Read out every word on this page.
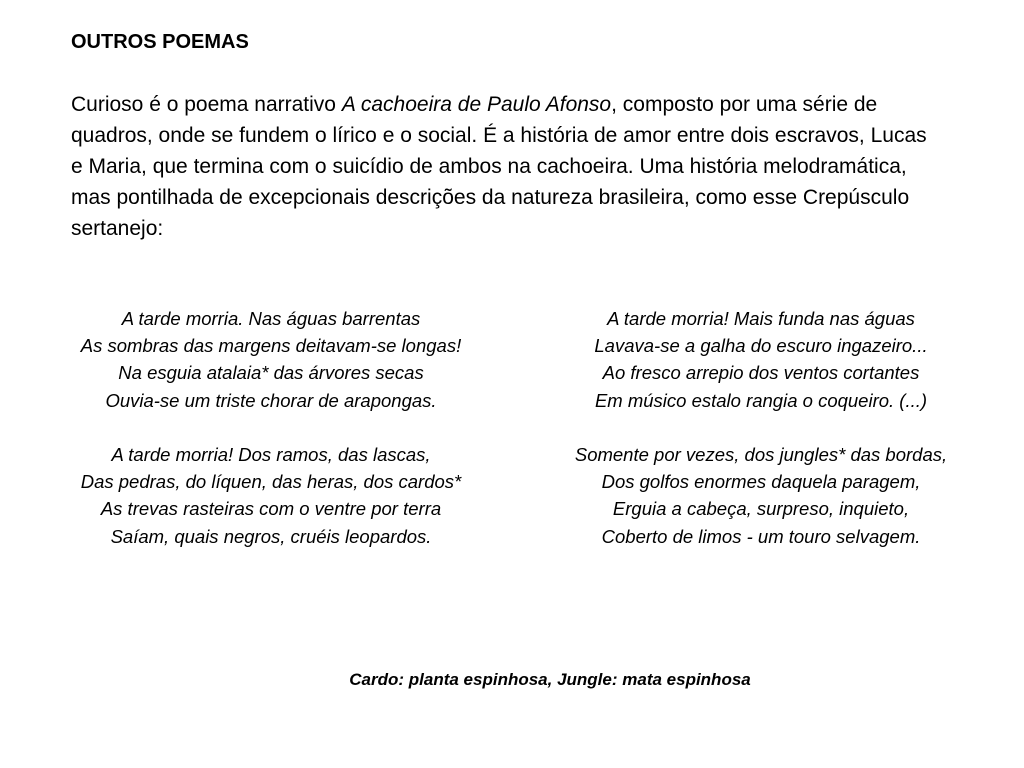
OUTROS POEMAS

Curioso é o poema narrativo A cachoeira de Paulo Afonso, composto por uma série de quadros, onde se fundem o lírico e o social. É a história de amor entre dois escravos, Lucas e Maria, que termina com o suicídio de ambos na cachoeira. Uma história melodramática, mas pontilhada de excepcionais descrições da natureza brasileira, como esse Crepúsculo sertanejo:

A tarde morria. Nas águas barrentas
As sombras das margens deitavam-se longas!
Na esguia atalaia* das árvores secas
Ouvia-se um triste chorar de arapongas.
A tarde morria! Dos ramos, das lascas,
Das pedras, do líquen, das heras, dos cardos*
As trevas rasteiras com o ventre por terra
Saíam, quais negros, cruéis leopardos.
A tarde morria! Mais funda nas águas
Lavava-se a galha do escuro ingazeiro...
Ao fresco arrepio dos ventos cortantes
Em músico estalo rangia o coqueiro. (...)
Somente por vezes, dos jungles* das bordas,
Dos golfos enormes daquela paragem,
Erguia a cabeça, surpreso, inquieto,
Coberto de limos - um touro selvagem.
Cardo: planta espinhosa, Jungle: mata espinhosa
